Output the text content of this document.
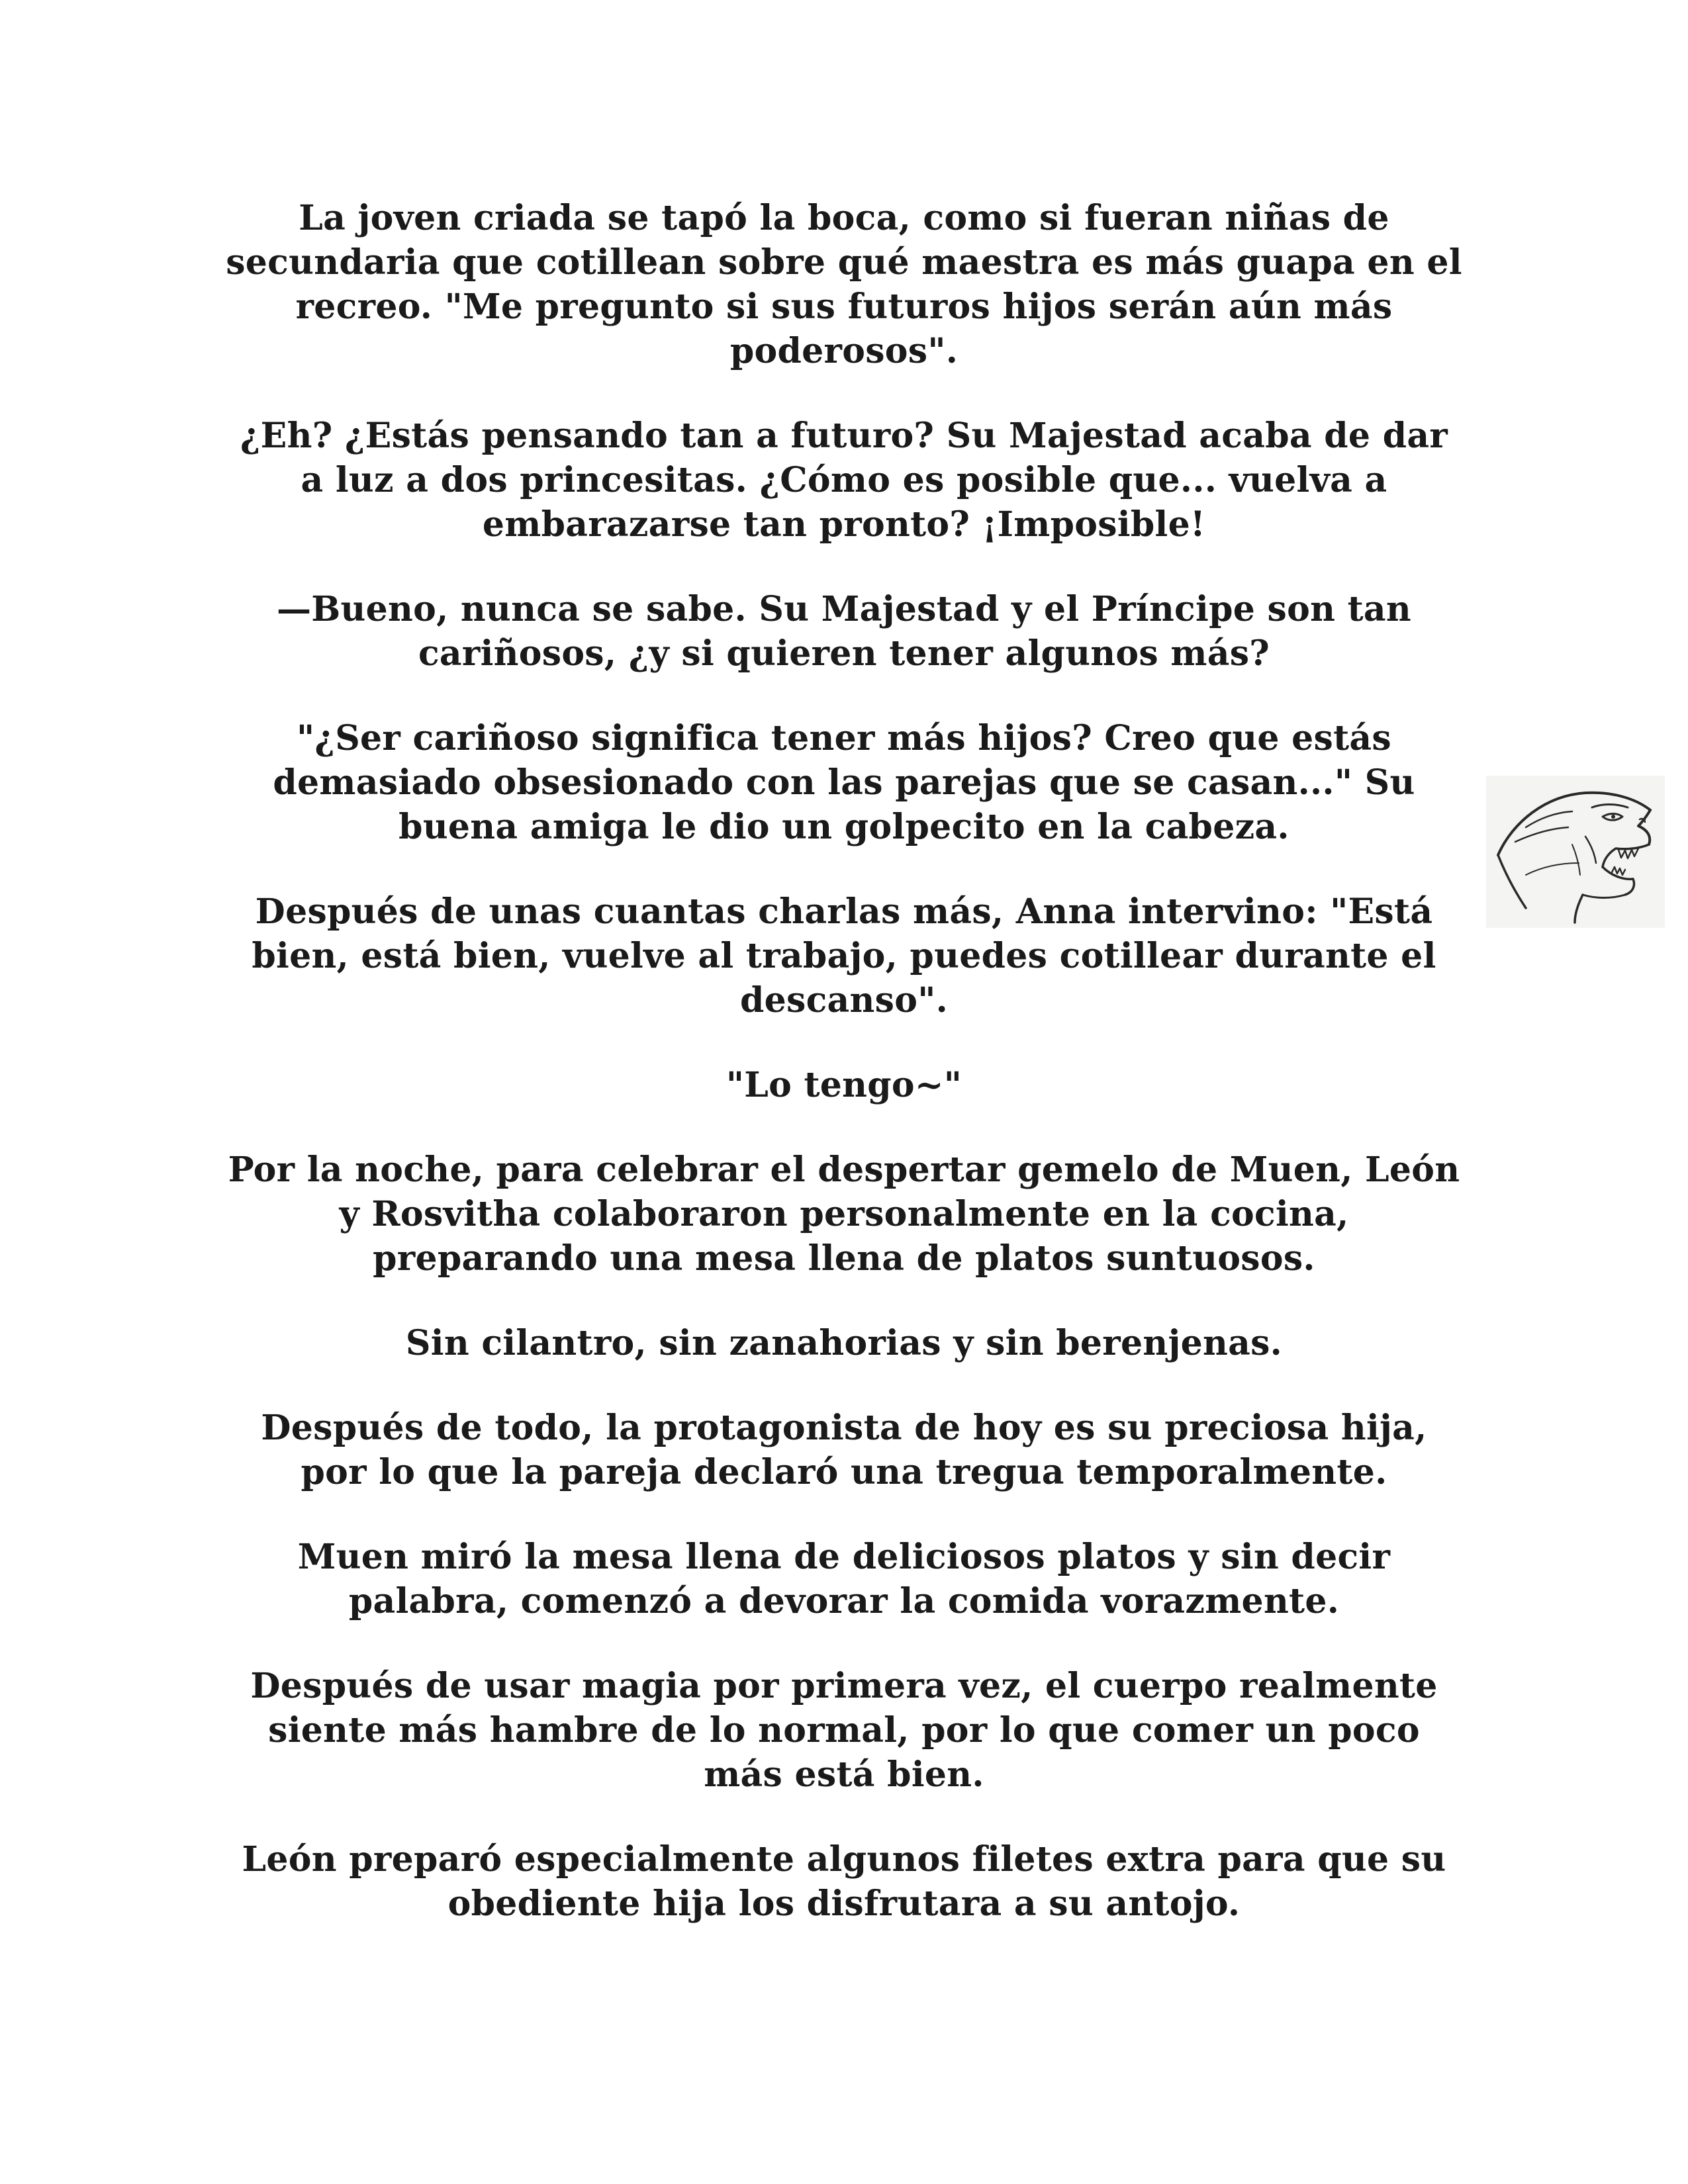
La joven criada se tapó la boca, como si fueran niñas de secundaria que cotillean sobre qué maestra es más guapa en el recreo. "Me pregunto si sus futuros hijos serán aún más poderosos".

¿Eh? ¿Estás pensando tan a futuro? Su Majestad acaba de dar a luz a dos princesitas. ¿Cómo es posible que... vuelva a embarazarse tan pronto? ¡Imposible!

—Bueno, nunca se sabe. Su Majestad y el Príncipe son tan cariñosos, ¿y si quieren tener algunos más?

"¿Ser cariñoso significa tener más hijos? Creo que estás demasiado obsesionado con las parejas que se casan..." Su buena amiga le dio un golpecito en la cabeza.

Después de unas cuantas charlas más, Anna intervino: "Está bien, está bien, vuelve al trabajo, puedes cotillear durante el descanso".

"Lo tengo~"

Por la noche, para celebrar el despertar gemelo de Muen, León y Rosvitha colaboraron personalmente en la cocina, preparando una mesa llena de platos suntuosos.

Sin cilantro, sin zanahorias y sin berenjenas.

Después de todo, la protagonista de hoy es su preciosa hija, por lo que la pareja declaró una tregua temporalmente.

Muen miró la mesa llena de deliciosos platos y sin decir palabra, comenzó a devorar la comida vorazmente.

Después de usar magia por primera vez, el cuerpo realmente siente más hambre de lo normal, por lo que comer un poco más está bien.

León preparó especialmente algunos filetes extra para que su obediente hija los disfrutara a su antojo.
